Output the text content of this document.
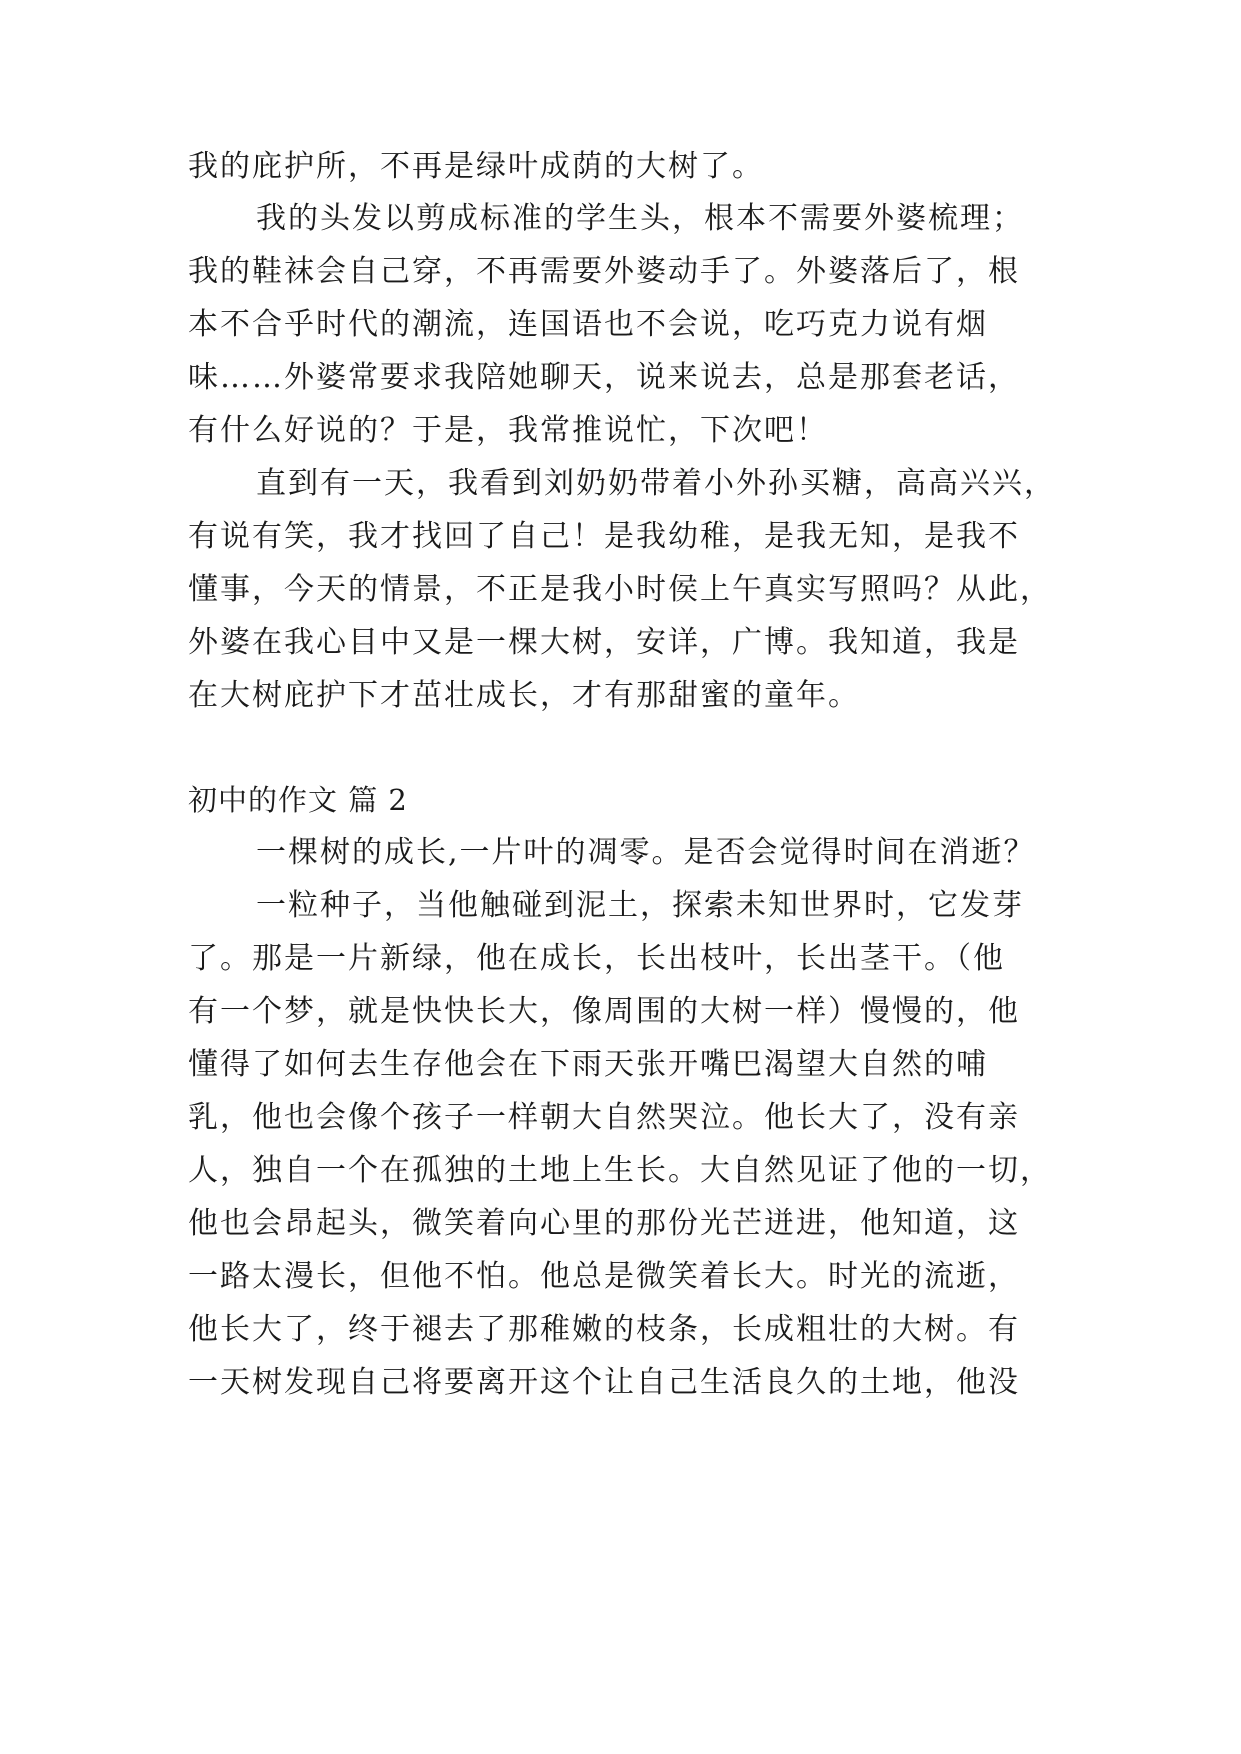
我的庇护所，不再是绿叶成荫的大树了。
我的头发以剪成标准的学生头，根本不需要外婆梳理；
我的鞋袜会自己穿，不再需要外婆动手了。外婆落后了，根
本不合乎时代的潮流，连国语也不会说，吃巧克力说有烟
味……外婆常要求我陪她聊天，说来说去，总是那套老话，
有什么好说的？于是，我常推说忙，下次吧！
直到有一天，我看到刘奶奶带着小外孙买糖，高高兴兴，
有说有笑，我才找回了自己！是我幼稚，是我无知，是我不
懂事，今天的情景，不正是我小时侯上午真实写照吗？从此，
外婆在我心目中又是一棵大树，安详，广博。我知道，我是
在大树庇护下才茁壮成长，才有那甜蜜的童年。
初中的作文 篇 2
一棵树的成长,一片叶的凋零。是否会觉得时间在消逝？
一粒种子，当他触碰到泥土，探索未知世界时，它发芽
了。那是一片新绿，他在成长，长出枝叶，长出茎干。（他
有一个梦，就是快快长大，像周围的大树一样）慢慢的，他
懂得了如何去生存他会在下雨天张开嘴巴渴望大自然的哺
乳，他也会像个孩子一样朝大自然哭泣。他长大了，没有亲
人，独自一个在孤独的土地上生长。大自然见证了他的一切，
他也会昂起头，微笑着向心里的那份光芒迸进，他知道，这
一路太漫长，但他不怕。他总是微笑着长大。时光的流逝，
他长大了，终于褪去了那稚嫩的枝条，长成粗壮的大树。有
一天树发现自己将要离开这个让自己生活良久的土地，他没
